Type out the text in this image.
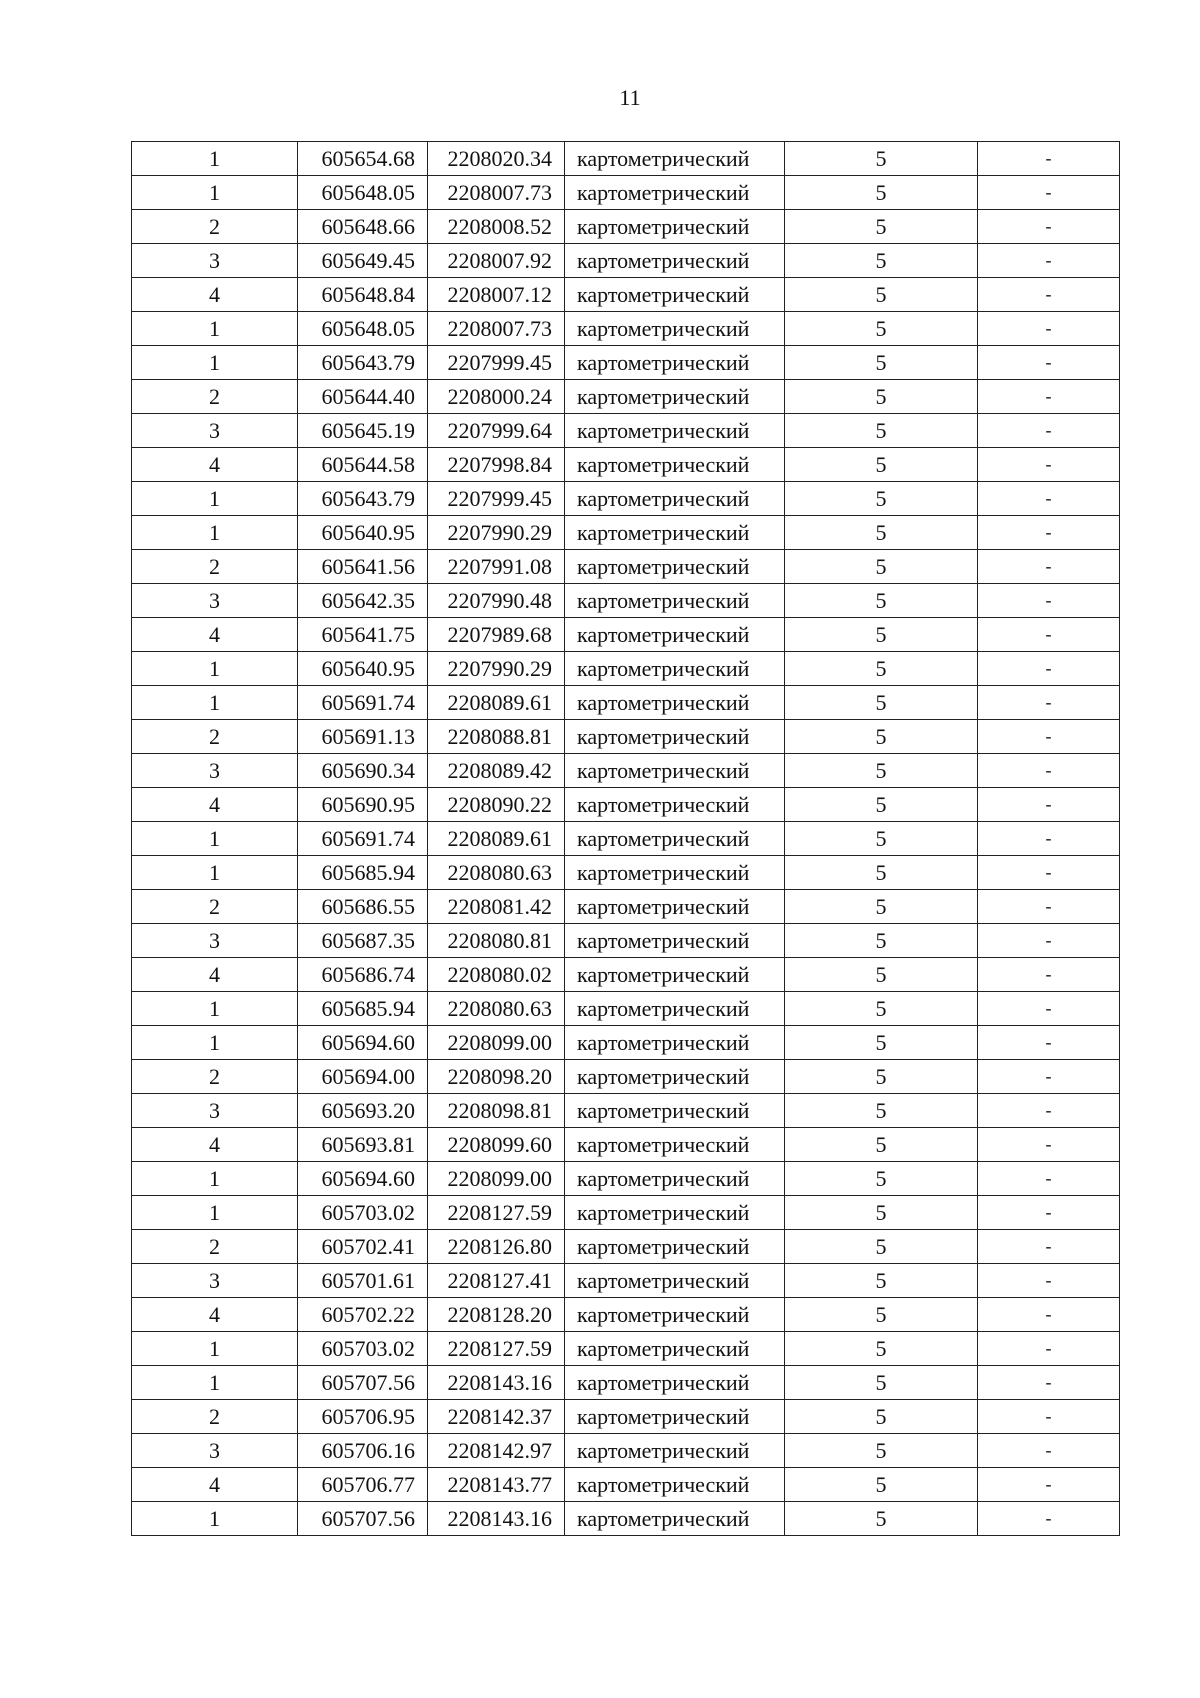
11
1	605654.68	2208020.34	картометрический	5	-
1	605648.05	2208007.73	картометрический	5	-
2	605648.66	2208008.52	картометрический	5	-
3	605649.45	2208007.92	картометрический	5	-
4	605648.84	2208007.12	картометрический	5	-
1	605648.05	2208007.73	картометрический	5	-
1	605643.79	2207999.45	картометрический	5	-
2	605644.40	2208000.24	картометрический	5	-
3	605645.19	2207999.64	картометрический	5	-
4	605644.58	2207998.84	картометрический	5	-
1	605643.79	2207999.45	картометрический	5	-
1	605640.95	2207990.29	картометрический	5	-
2	605641.56	2207991.08	картометрический	5	-
3	605642.35	2207990.48	картометрический	5	-
4	605641.75	2207989.68	картометрический	5	-
1	605640.95	2207990.29	картометрический	5	-
1	605691.74	2208089.61	картометрический	5	-
2	605691.13	2208088.81	картометрический	5	-
3	605690.34	2208089.42	картометрический	5	-
4	605690.95	2208090.22	картометрический	5	-
1	605691.74	2208089.61	картометрический	5	-
1	605685.94	2208080.63	картометрический	5	-
2	605686.55	2208081.42	картометрический	5	-
3	605687.35	2208080.81	картометрический	5	-
4	605686.74	2208080.02	картометрический	5	-
1	605685.94	2208080.63	картометрический	5	-
1	605694.60	2208099.00	картометрический	5	-
2	605694.00	2208098.20	картометрический	5	-
3	605693.20	2208098.81	картометрический	5	-
4	605693.81	2208099.60	картометрический	5	-
1	605694.60	2208099.00	картометрический	5	-
1	605703.02	2208127.59	картометрический	5	-
2	605702.41	2208126.80	картометрический	5	-
3	605701.61	2208127.41	картометрический	5	-
4	605702.22	2208128.20	картометрический	5	-
1	605703.02	2208127.59	картометрический	5	-
1	605707.56	2208143.16	картометрический	5	-
2	605706.95	2208142.37	картометрический	5	-
3	605706.16	2208142.97	картометрический	5	-
4	605706.77	2208143.77	картометрический	5	-
1	605707.56	2208143.16	картометрический	5	-
